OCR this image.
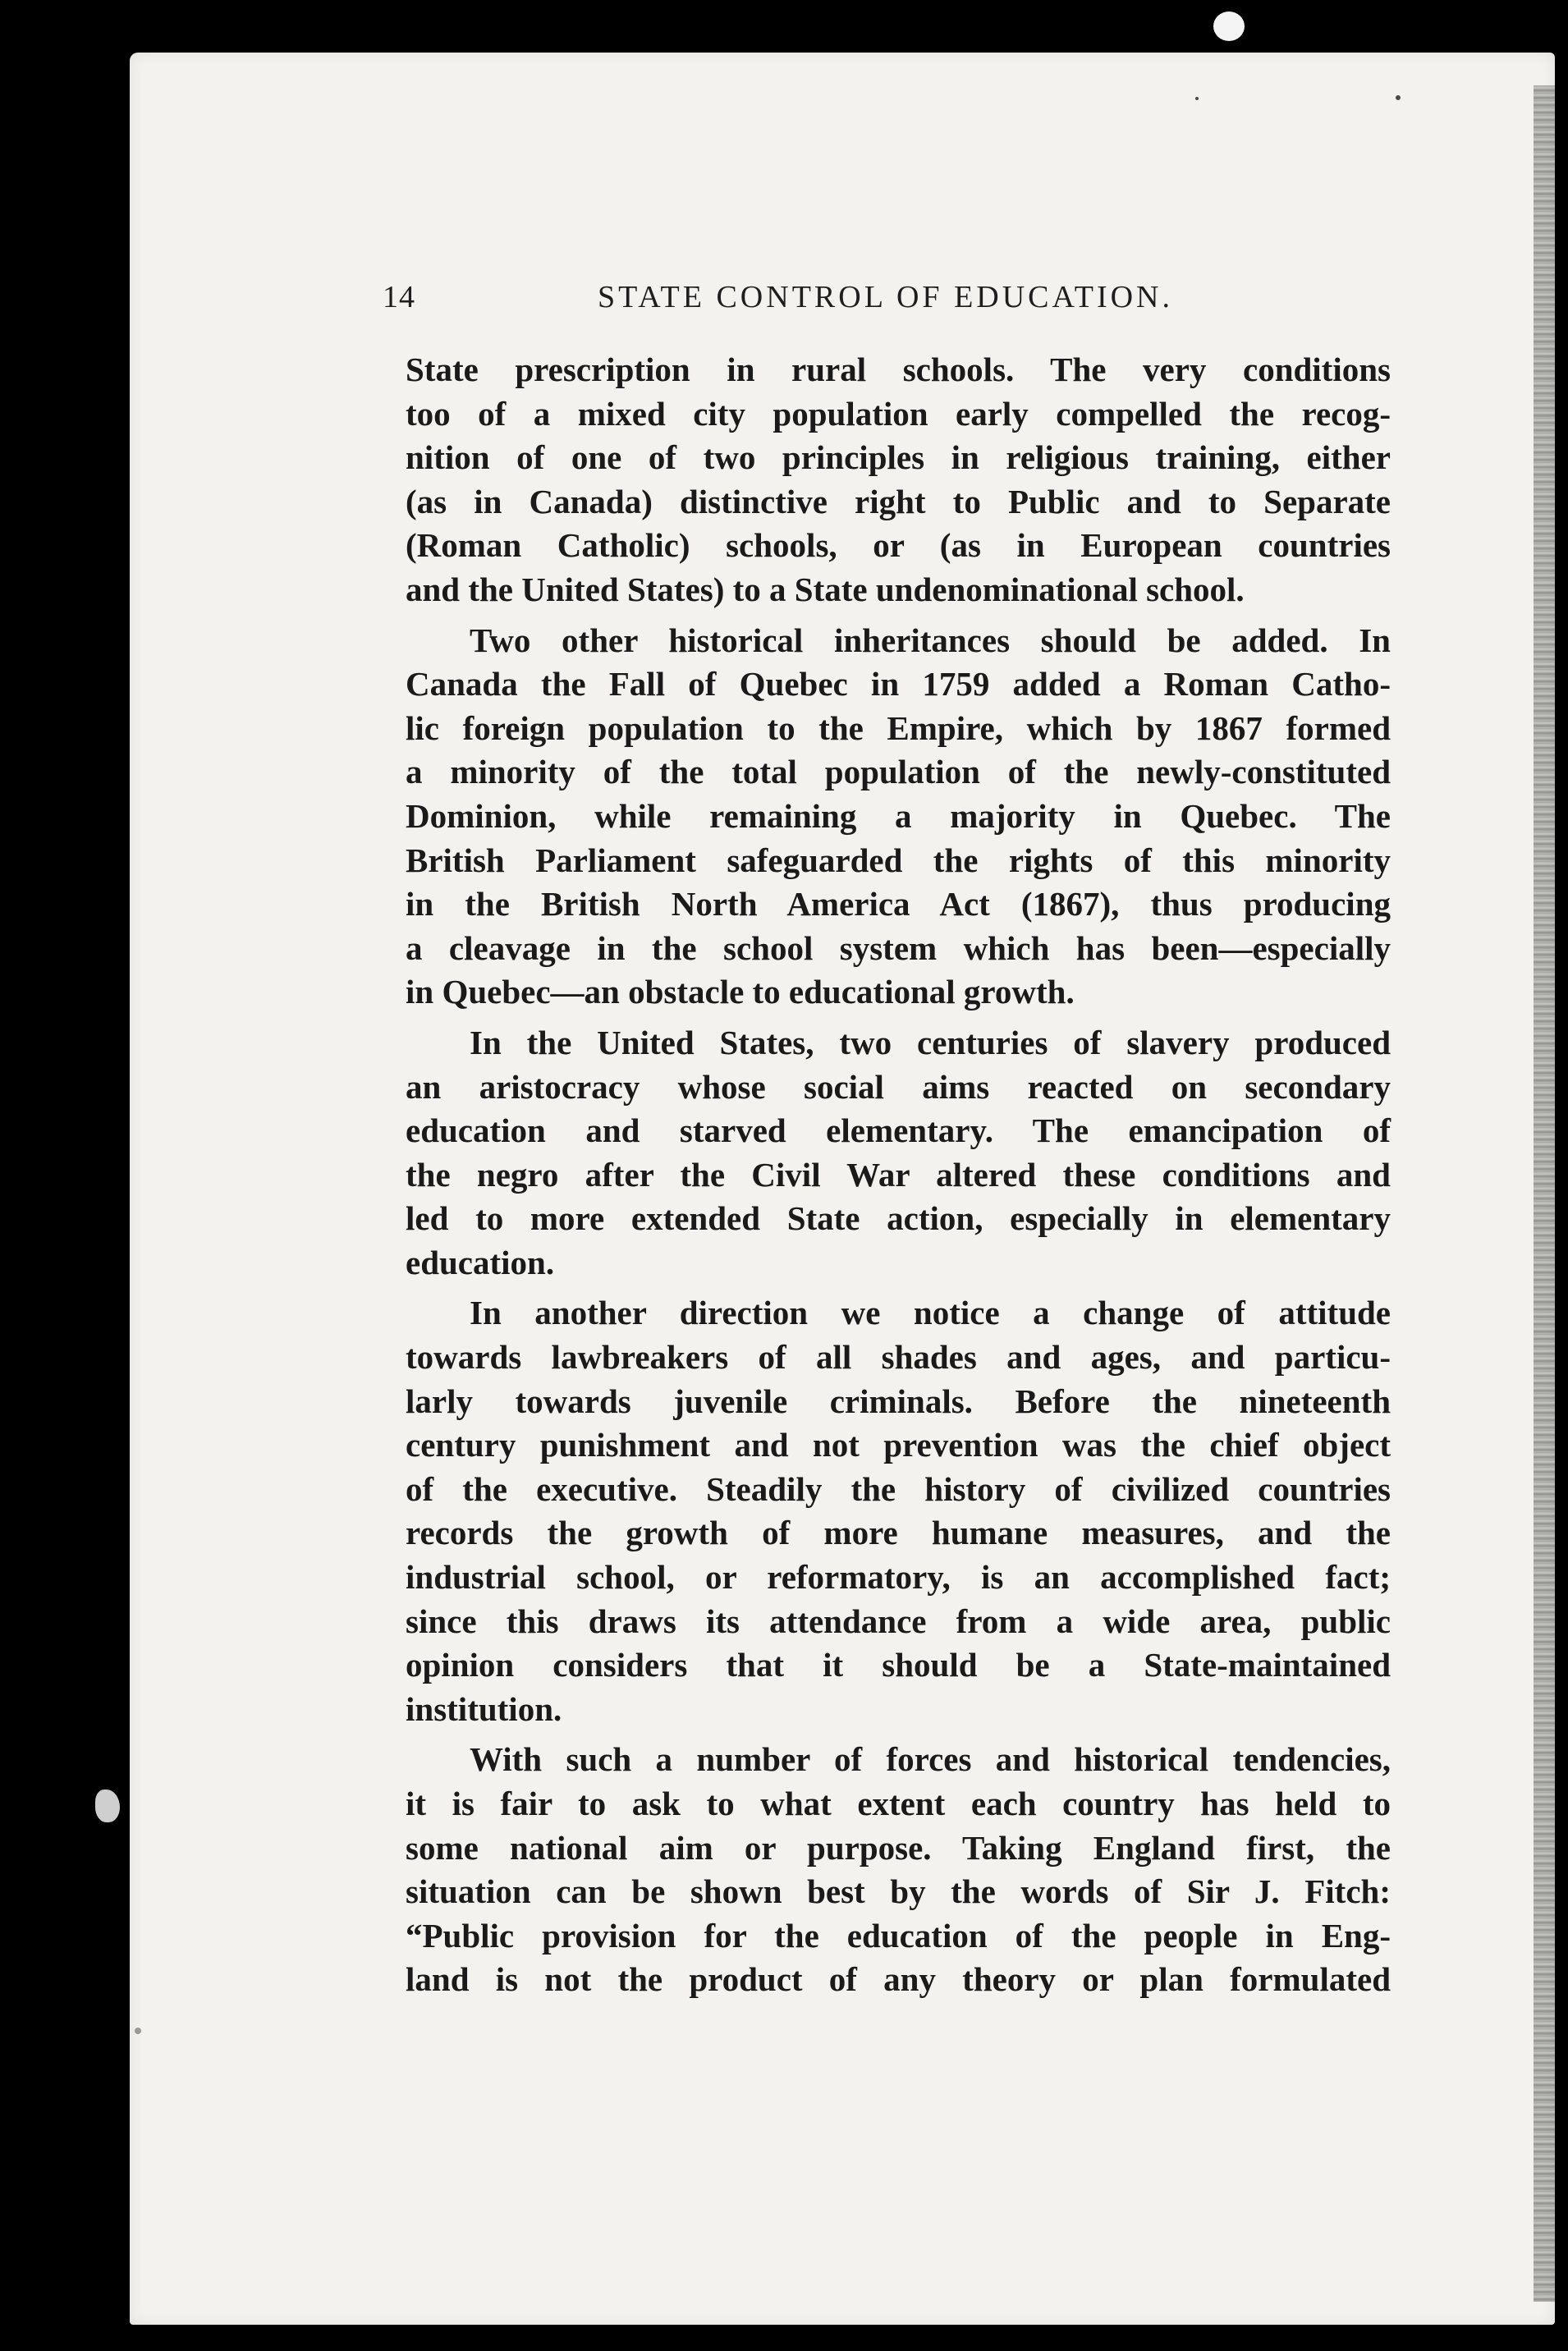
14	STATE CONTROL OF EDUCATION.
State prescription in rural schools. The very conditions
too of a mixed city population early compelled the recog-
nition of one of two principles in religious training, either
(as in Canada) distinctive right to Public and to Separate
(Roman Catholic) schools, or (as in European countries
and the United States) to a State undenominational school.
Two other historical inheritances should be added. In
Canada the Fall of Quebec in 1759 added a Roman Catho-
lic foreign population to the Empire, which by 1867 formed
a minority of the total population of the newly-constituted
Dominion, while remaining a majority in Quebec. The
British Parliament safeguarded the rights of this minority
in the British North America Act (1867), thus producing
a cleavage in the school system which has been—especially
in Quebec—an obstacle to educational growth.
In the United States, two centuries of slavery produced
an aristocracy whose social aims reacted on secondary
education and starved elementary. The emancipation of
the negro after the Civil War altered these conditions and
led to more extended State action, especially in elementary
education.
In another direction we notice a change of attitude
towards lawbreakers of all shades and ages, and particu-
larly towards juvenile criminals. Before the nineteenth
century punishment and not prevention was the chief object
of the executive. Steadily the history of civilized countries
records the growth of more humane measures, and the
industrial school, or reformatory, is an accomplished fact;
since this draws its attendance from a wide area, public
opinion considers that it should be a State-maintained
institution.
With such a number of forces and historical tendencies,
it is fair to ask to what extent each country has held to
some national aim or purpose. Taking England first, the
situation can be shown best by the words of Sir J. Fitch:
“Public provision for the education of the people in Eng-
land is not the product of any theory or plan formulated
